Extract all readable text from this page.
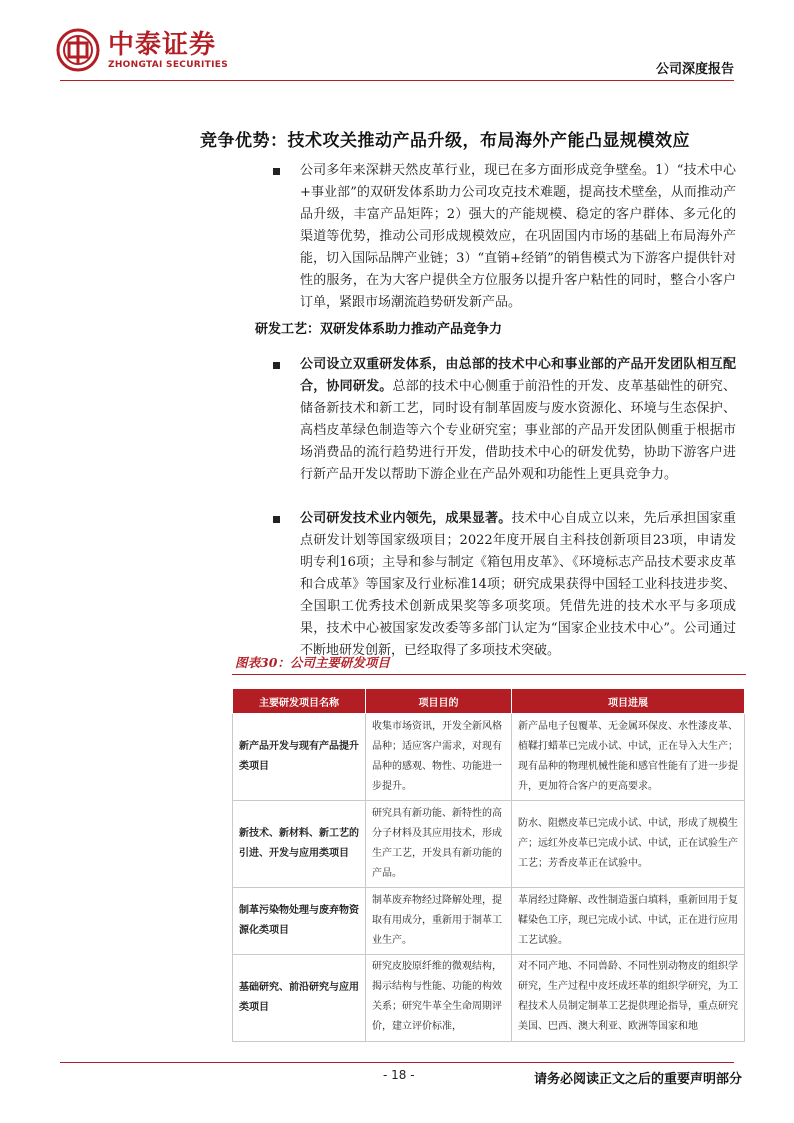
中泰证券
ZHONGTAI SECURITIES	公司深度报告
竞争优势：技术攻关推动产品升级，布局海外产能凸显规模效应
公司多年来深耕天然皮革行业，现已在多方面形成竞争壁垒。1）“技术中心+事业部”的双研发体系助力公司攻克技术难题，提高技术壁垒，从而推动产品升级，丰富产品矩阵；2）强大的产能规模、稳定的客户群体、多元化的渠道等优势，推动公司形成规模效应，在巩固国内市场的基础上布局海外产能，切入国际品牌产业链；3）“直销+经销”的销售模式为下游客户提供针对性的服务，在为大客户提供全方位服务以提升客户粘性的同时，整合小客户订单，紧跟市场潮流趋势研发新产品。
研发工艺：双研发体系助力推动产品竞争力
公司设立双重研发体系，由总部的技术中心和事业部的产品开发团队相互配合，协同研发。总部的技术中心侧重于前沿性的开发、皮革基础性的研究、储备新技术和新工艺，同时设有制革固废与废水资源化、环境与生态保护、高档皮革绿色制造等六个专业研究室；事业部的产品开发团队侧重于根据市场消费品的流行趋势进行开发，借助技术中心的研发优势，协助下游客户进行新产品开发以帮助下游企业在产品外观和功能性上更具竞争力。
公司研发技术业内领先，成果显著。技术中心自成立以来，先后承担国家重点研发计划等国家级项目；2022年度开展自主科技创新项目23项，申请发明专利16项；主导和参与制定《箱包用皮革》、《环境标志产品技术要求皮革和合成革》等国家及行业标准14项；研究成果获得中国轻工业科技进步奖、全国职工优秀技术创新成果奖等多项奖项。凭借先进的技术水平与多项成果，技术中心被国家发改委等多部门认定为“国家企业技术中心”。公司通过不断地研发创新，已经取得了多项技术突破。
图表30：公司主要研发项目
主要研发项目名称	项目目的	项目进展
新产品开发与现有产品提升类项目	收集市场资讯，开发全新风格品种；适应客户需求，对现有品种的感观、物性、功能进一步提升。	新产品电子包覆革、无金属环保皮、水性漆皮革、植鞣打蜡革已完成小试、中试，正在导入大生产；现有品种的物理机械性能和感官性能有了进一步提升，更加符合客户的更高要求。
新技术、新材料、新工艺的引进、开发与应用类项目	研究具有新功能、新特性的高分子材料及其应用技术，形成生产工艺，开发具有新功能的产品。	防水、阻燃皮革已完成小试、中试，形成了规模生产；远红外皮革已完成小试、中试，正在试验生产工艺；芳香皮革正在试验中。
制革污染物处理与废弃物资源化类项目	制革废弃物经过降解处理，提取有用成分，重新用于制革工业生产。	革屑经过降解、改性制造蛋白填料，重新回用于复鞣染色工序，现已完成小试、中试，正在进行应用工艺试验。
基础研究、前沿研究与应用类项目	研究皮胶原纤维的微观结构，揭示结构与性能、功能的构效关系；研究牛革全生命周期评价，建立评价标准，	对不同产地、不同兽龄、不同性别动物皮的组织学研究，生产过程中皮坯成坯革的组织学研究，为工程技术人员制定制革工艺提供理论指导，重点研究美国、巴西、澳大利亚、欧洲等国家和地
- 18 -	请务必阅读正文之后的重要声明部分
